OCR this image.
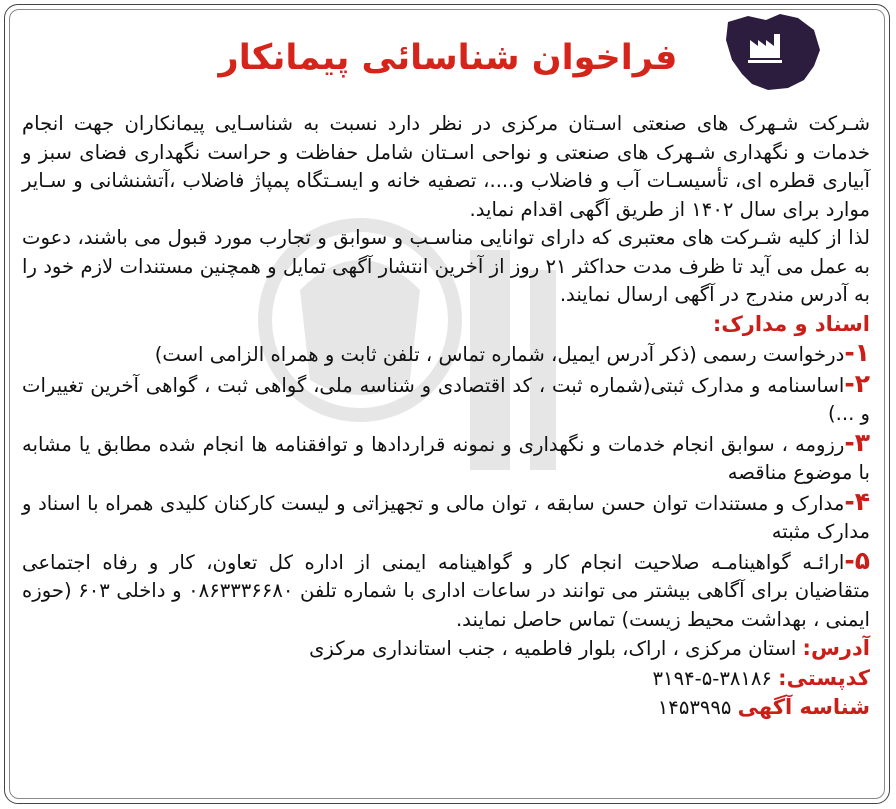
فراخوان شناسائی پیمانکار

شـرکت شـهرک های صنعتی اسـتان مرکزی در نظر دارد نسبت به شناسـایی پیمانکاران جهت انجام خدمات و نگهداری شـهرک های صنعتی و نواحی اسـتان شامل حفاظت و حراست نگهداری فضای سبز و آبیاری قطره ای، تأسیسـات آب و فاضلاب و....، تصفیه خانه و ایسـتگاه پمپاژ فاضلاب ،آتشنشانی و سـایر موارد برای سال ۱۴۰۲ از طریق آگهی اقدام نماید.

لذا از کلیه شـرکت های معتبری که دارای توانایی مناسـب و سوابق و تجارب مورد قبول می باشند، دعوت به عمل می آید تا ظرف مدت حداکثر ۲۱ روز از آخرین انتشار آگهی تمایل و همچنین مستندات لازم خود را به آدرس مندرج در آگهی ارسال نمایند.

اسناد و مدارک:

۱-درخواست رسمی (ذکر آدرس ایمیل، شماره تماس ، تلفن ثابت و همراه الزامی است)

۲-اساسنامه و مدارک ثبتی(شماره ثبت ، کد اقتصادی و شناسه ملی، گواهی ثبت ، گواهی آخرین تغییرات و ...)

۳-رزومه ، سوابق انجام خدمات و نگهداری و نمونه قراردادها و توافقنامه ها انجام شده مطابق یا مشابه با موضوع مناقصه

۴-مدارک و مستندات توان حسن سابقه ، توان مالی و تجهیزاتی و لیست کارکنان کلیدی همراه با اسناد و مدارک مثبته

۵-ارائـه گواهینامـه صلاحیت انجام کار و گواهینامه ایمنی از اداره کل تعاون، کار و رفاه اجتماعی متقاضیان برای آگاهی بیشتر می توانند در ساعات اداری با شماره تلفن ۰۸۶۳۳۳۶۶۸۰ و داخلی ۶۰۳ (حوزه ایمنی ، بهداشت محیط زیست) تماس حاصل نمایند.

آدرس: استان مرکزی ، اراک، بلوار فاطمیه ، جنب استانداری مرکزی

کدپستی: ۳۸۱۸۶-۵-۳۱۹۴

شناسه آگهی ۱۴۵۳۹۹۵
